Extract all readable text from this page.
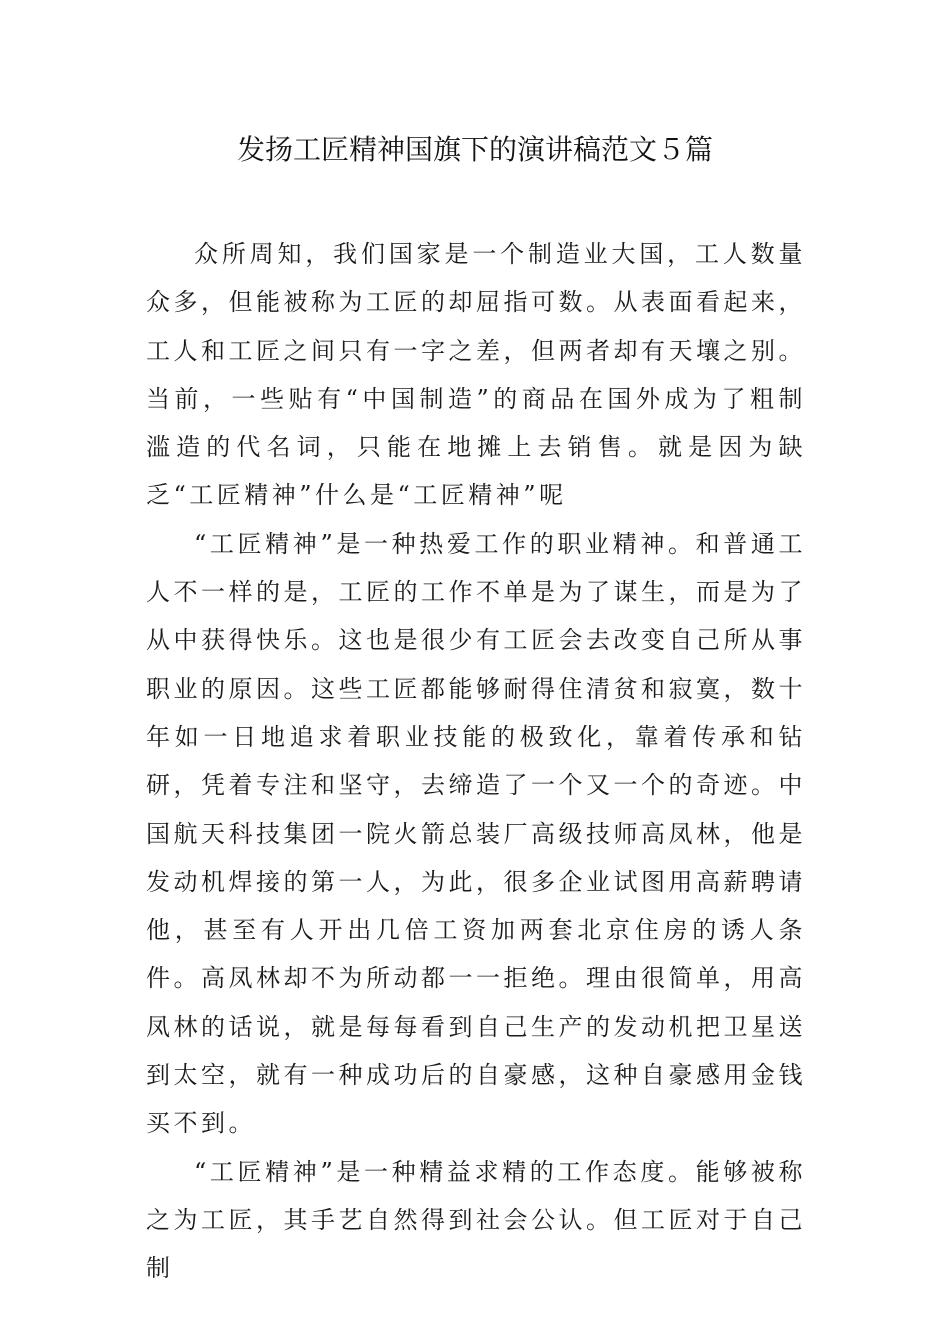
发扬工匠精神国旗下的演讲稿范文５篇

众所周知，我们国家是一个制造业大国，工人数量众多，但能被称为工匠的却屈指可数。从表面看起来，工人和工匠之间只有一字之差，但两者却有天壤之别。当前，一些贴有“中国制造”的商品在国外成为了粗制滥造的代名词，只能在地摊上去销售。就是因为缺乏“工匠精神”什么是“工匠精神”呢

“工匠精神”是一种热爱工作的职业精神。和普通工人不一样的是，工匠的工作不单是为了谋生，而是为了从中获得快乐。这也是很少有工匠会去改变自己所从事职业的原因。这些工匠都能够耐得住清贫和寂寞，数十年如一日地追求着职业技能的极致化，靠着传承和钻研，凭着专注和坚守，去缔造了一个又一个的奇迹。中国航天科技集团一院火箭总装厂高级技师高凤林，他是发动机焊接的第一人，为此，很多企业试图用高薪聘请他，甚至有人开出几倍工资加两套北京住房的诱人条件。高凤林却不为所动都一一拒绝。理由很简单，用高凤林的话说，就是每每看到自己生产的发动机把卫星送到太空，就有一种成功后的自豪感，这种自豪感用金钱买不到。

“工匠精神”是一种精益求精的工作态度。能够被称之为工匠，其手艺自然得到社会公认。但工匠对于自己制
